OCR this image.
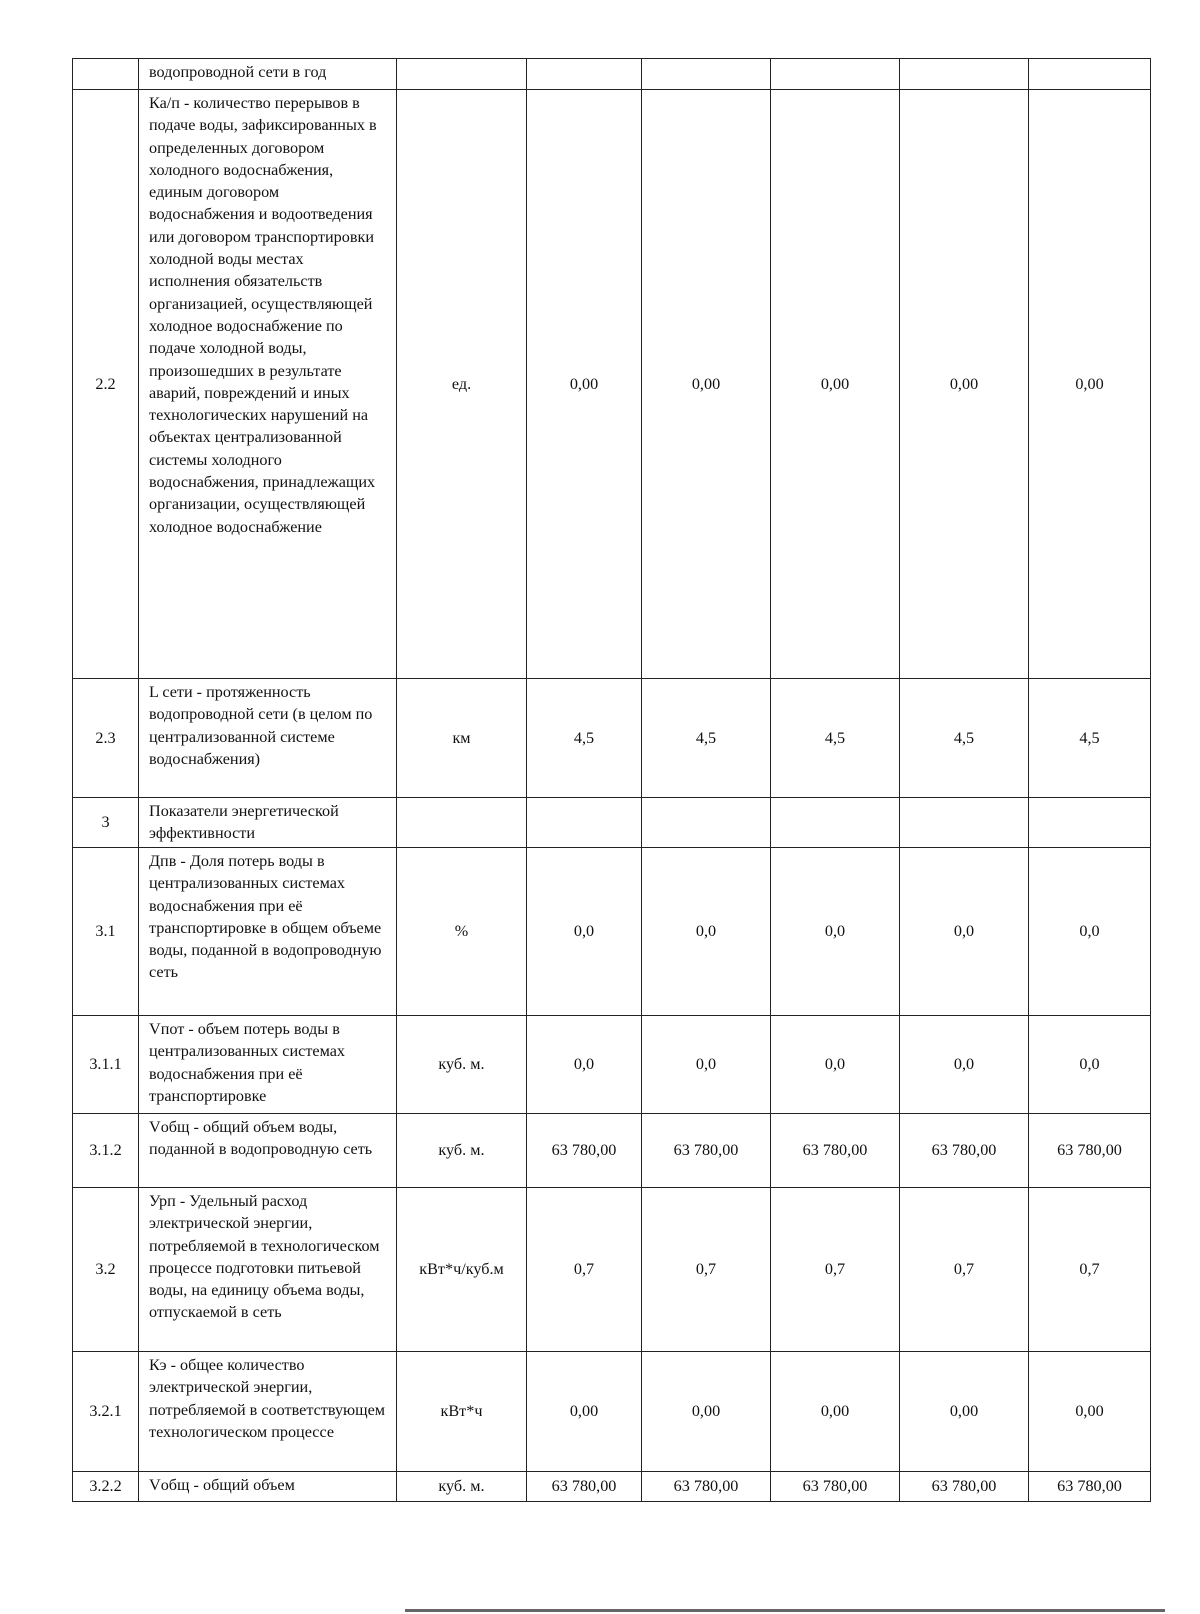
	водопроводной сети в год						
2.2	Ка/п - количество перерывов в подаче воды, зафиксированных в определенных договором холодного водоснабжения, единым договором водоснабжения и водоотведения или договором транспортировки холодной воды местах исполнения обязательств организацией, осуществляющей холодное водоснабжение по подаче холодной воды, произошедших в результате аварий, повреждений и иных технологических нарушений на объектах централизованной системы холодного водоснабжения, принадлежащих организации, осуществляющей холодное водоснабжение	ед.	0,00	0,00	0,00	0,00	0,00
2.3	L сети - протяженность водопроводной сети (в целом по централизованной системе водоснабжения)	км	4,5	4,5	4,5	4,5	4,5
3	Показатели энергетической эффективности						
3.1	Дпв - Доля потерь воды в централизованных системах водоснабжения при её транспортировке в общем объеме воды, поданной в водопроводную сеть	%	0,0	0,0	0,0	0,0	0,0
3.1.1	Vпот - объем потерь воды в централизованных системах водоснабжения при её транспортировке	куб. м.	0,0	0,0	0,0	0,0	0,0
3.1.2	Vобщ - общий объем воды, поданной в водопроводную сеть	куб. м.	63 780,00	63 780,00	63 780,00	63 780,00	63 780,00
3.2	Урп - Удельный расход электрической энергии, потребляемой в технологическом процессе подготовки питьевой воды, на единицу объема воды, отпускаемой в сеть	кВт*ч/куб.м	0,7	0,7	0,7	0,7	0,7
3.2.1	Кэ - общее количество электрической энергии, потребляемой в соответствующем технологическом процессе	кВт*ч	0,00	0,00	0,00	0,00	0,00
3.2.2	Vобщ - общий объем	куб. м.	63 780,00	63 780,00	63 780,00	63 780,00	63 780,00
